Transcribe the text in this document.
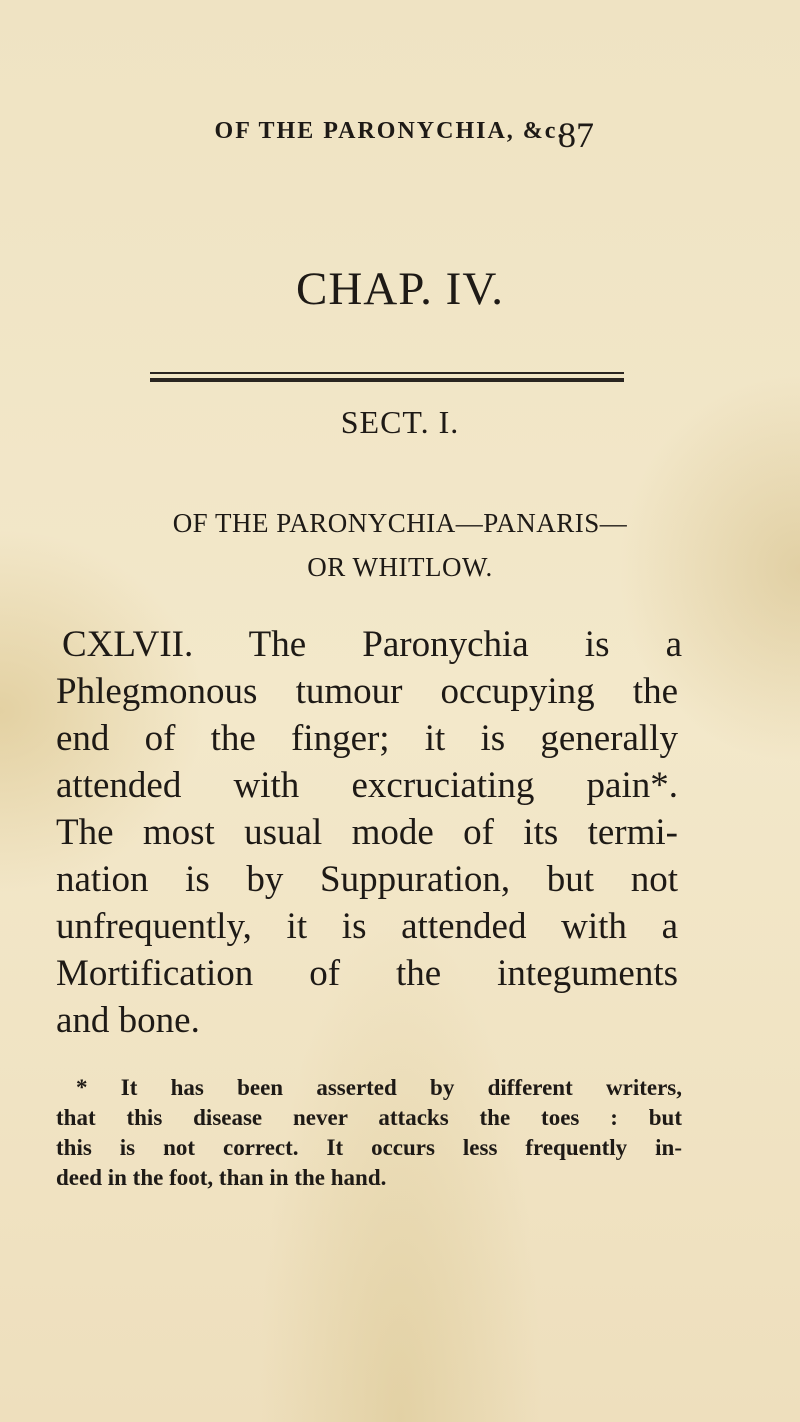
OF THE PARONYCHIA, &c.
87
CHAP. IV.
SECT. I.
OF THE PARONYCHIA—PANARIS—
OR WHITLOW.
CXLVII. The Paronychia is a
Phlegmonous tumour occupying the
end of the finger; it is generally
attended with excruciating pain*.
The most usual mode of its termi-
nation is by Suppuration, but not
unfrequently, it is attended with a
Mortification of the integuments
and bone.
* It has been asserted by different writers,
that this disease never attacks the toes : but
this is not correct. It occurs less frequently in-
deed in the foot, than in the hand.
